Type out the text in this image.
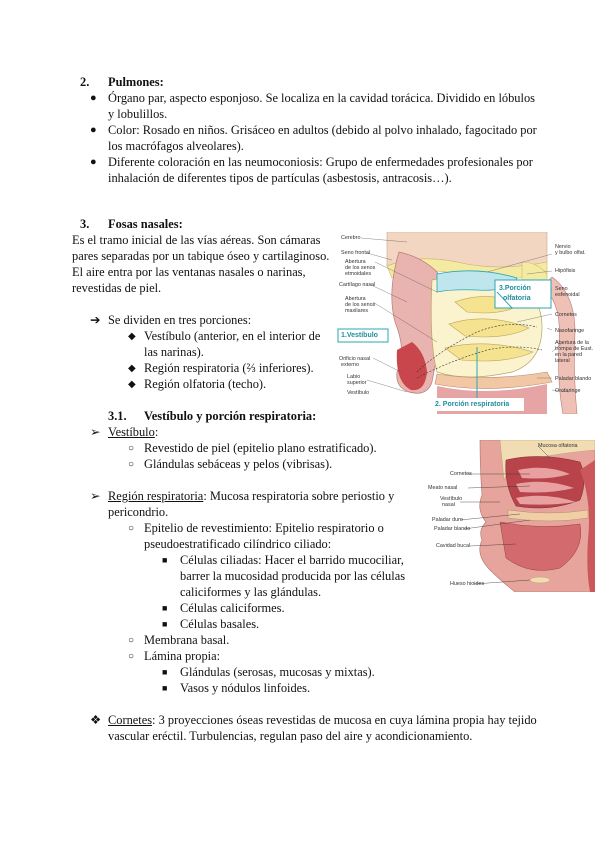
2. Pulmones:
● Órgano par, aspecto esponjoso. Se localiza en la cavidad torácica. Dividido en lóbulos
y lobulillos.
● Color: Rosado en niños. Grisáceo en adultos (debido al polvo inhalado, fagocitado por
los macrófagos alveolares).
● Diferente coloración en las neumoconiosis: Grupo de enfermedades profesionales por
inhalación de diferentes tipos de partículas (asbestosis, antracosis…).
3. Fosas nasales:
Es el tramo inicial de las vías aéreas. Son cámaras
pares separadas por un tabique óseo y cartilaginoso.
El aire entra por las ventanas nasales o narinas,
revestidas de piel.
➔ Se dividen en tres porciones:
◆ Vestíbulo (anterior, en el interior de
las narinas).
◆ Región respiratoria (⅔ inferiores).
◆ Región olfatoria (techo).
Cerebro
Seno frontal
Abertura
de los senos
etmoidales
Cartílago nasal
Abertura
de los senos
maxilares
Orificio nasal
externo
Labio
superior
Vestíbulo
Nervio
y bulbo olfat.
Hipófisis
Seno
esfenoidal
Cornetes
Nasofaringe
Abertura de la
trompa de Eust.
en la pared
lateral
Paladar blando
Orofaringe
1.Vestíbulo
3.Porción
olfatoria
2. Porción respiratoria
3.1. Vestíbulo y porción respiratoria:
➢ Vestíbulo:
○ Revestido de piel (epitelio plano estratificado).
○ Glándulas sebáceas y pelos (vibrisas).
➢ Región respiratoria: Mucosa respiratoria sobre periostio y
pericondrio.
○ Epitelio de revestimiento: Epitelio respiratorio o
pseudoestratificado cilíndrico ciliado:
■ Células ciliadas: Hacer el barrido mucociliar,
barrer la mucosidad producida por las células
caliciformes y las glándulas.
■ Células caliciformes.
■ Células basales.
○ Membrana basal.
○ Lámina propia:
■ Glándulas (serosas, mucosas y mixtas).
■ Vasos y nódulos linfoides.
Mucosa olfatoria
Cornetes
Meato nasal
Vestíbulo
nasal
Paladar duro
Paladar blando
Cavidad bucal
Hueso hioides
❖ Cornetes: 3 proyecciones óseas revestidas de mucosa en cuya lámina propia hay tejido
vascular eréctil. Turbulencias, regulan paso del aire y acondicionamiento.
